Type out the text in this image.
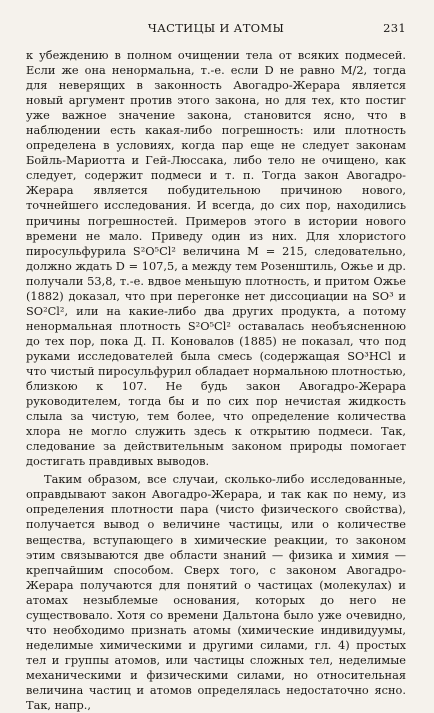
ЧАСТИЦЫ И АТОМЫ	231

к убеждению в полном очищении тела от всяких подмесей. Если же она ненормальна, т.-е. если D не равно M/2, тогда для неверящих в законность Авогадро-Жерара является новый аргумент против этого закона, но для тех, кто постиг уже важное значение закона, становится ясно, что в наблюдении есть какая-либо погрешность: или плотность определена в условиях, когда пар еще не следует законам Бойль-Мариотта и Гей-Люссака, либо тело не очищено, как следует, содержит подмеси и т. п. Тогда закон Авогадро-Жерара является побудительною причиною нового, точнейшего исследования. И всегда, до сих пор, находились причины погрешностей. Примеров этого в истории нового времени не мало. Приведу один из них. Для хлористого пиросульфурила S²O⁵Cl² величина M = 215, следовательно, должно ждать D = 107,5, а между тем Розенштиль, Ожье и др. получали 53,8, т.-е. вдвое меньшую плотность, и притом Ожье (1882) доказал, что при перегонке нет диссоциации на SO³ и SO²Cl², или на какие-либо два других продукта, а потому ненормальная плотность S²O⁵Cl² оставалась необъясненною до тех пор, пока Д. П. Коновалов (1885) не показал, что под руками исследователей была смесь (содержащая SO³HCl и что чистый пиросульфурил обладает нормальною плотностью, близкою к 107. Не будь закон Авогадро-Жерара руководителем, тогда бы и по сих пор нечистая жидкость слыла за чистую, тем более, что определение количества хлора не могло служить здесь к открытию подмеси. Так, следование за действительным законом природы помогает достигать правдивых выводов.

Таким образом, все случаи, сколько-либо исследованные, оправдывают закон Авогадро-Жерара, и так как по нему, из определения плотности пара (чисто физического свойства), получается вывод о величине частицы, или о количестве вещества, вступающего в химические реакции, то законом этим связываются две области знаний — физика и химия — крепчайшим способом. Сверх того, с законом Авогадро-Жерара получаются для понятий о частицах (молекулах) и атомах незыблемые основания, которых до него не существовало. Хотя со времени Дальтона было уже очевидно, что необходимо признать атомы (химические индивидуумы, неделимые химическими и другими силами, гл. 4) простых тел и группы атомов, или частицы сложных тел, неделимые механическими и физическими силами, но относительная величина частиц и атомов определялась недостаточно ясно. Так, напр.,
